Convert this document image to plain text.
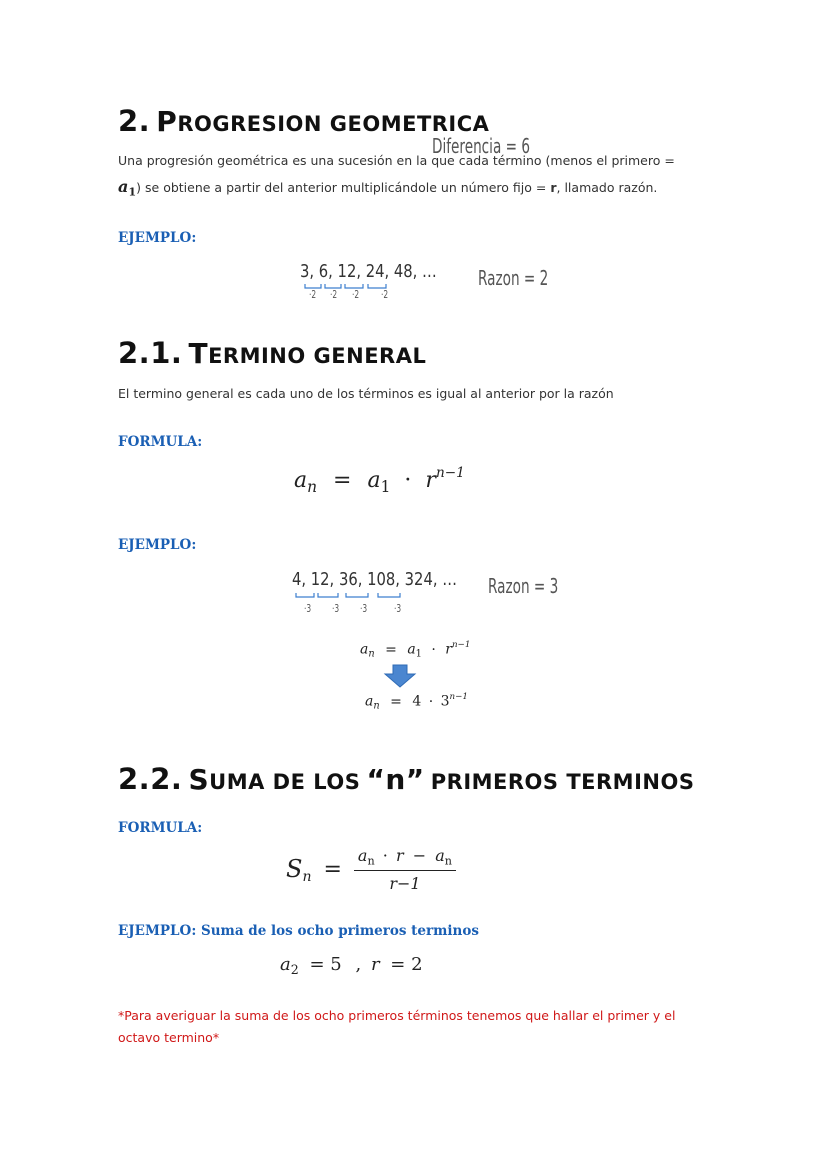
2. PROGRESION GEOMETRICA
Diferencia = 6
Una progresión geométrica es una sucesión en la que cada término (menos el primero =
$a_1$) se obtiene a partir del anterior multiplicándole un número fijo = r, llamado razón.
EJEMPLO:
3, 6, 12, 24, 48, …
·2 ·2 ·2 ·2
Razon = 2
2.1. TERMINO GENERAL
El termino general es cada uno de los términos es igual al anterior por la razón
FORMULA:
$a_n = a_1 \cdot r^{n-1}$
EJEMPLO:
4, 12, 36, 108, 324, …
·3 ·3 ·3 ·3
Razon = 3
$a_n = a_1 \cdot r^{n-1}$
$a_n = 4 \cdot 3^{n-1}$
2.2. SUMA DE LOS “n” PRIMEROS TERMINOS
FORMULA:
$S_n = \frac{a_n \cdot r - a_n}{r-1}$
EJEMPLO: Suma de los ocho primeros terminos
$a_2 = 5$ , r = 2
*Para averiguar la suma de los ocho primeros términos tenemos que hallar el primer y el octavo termino*
